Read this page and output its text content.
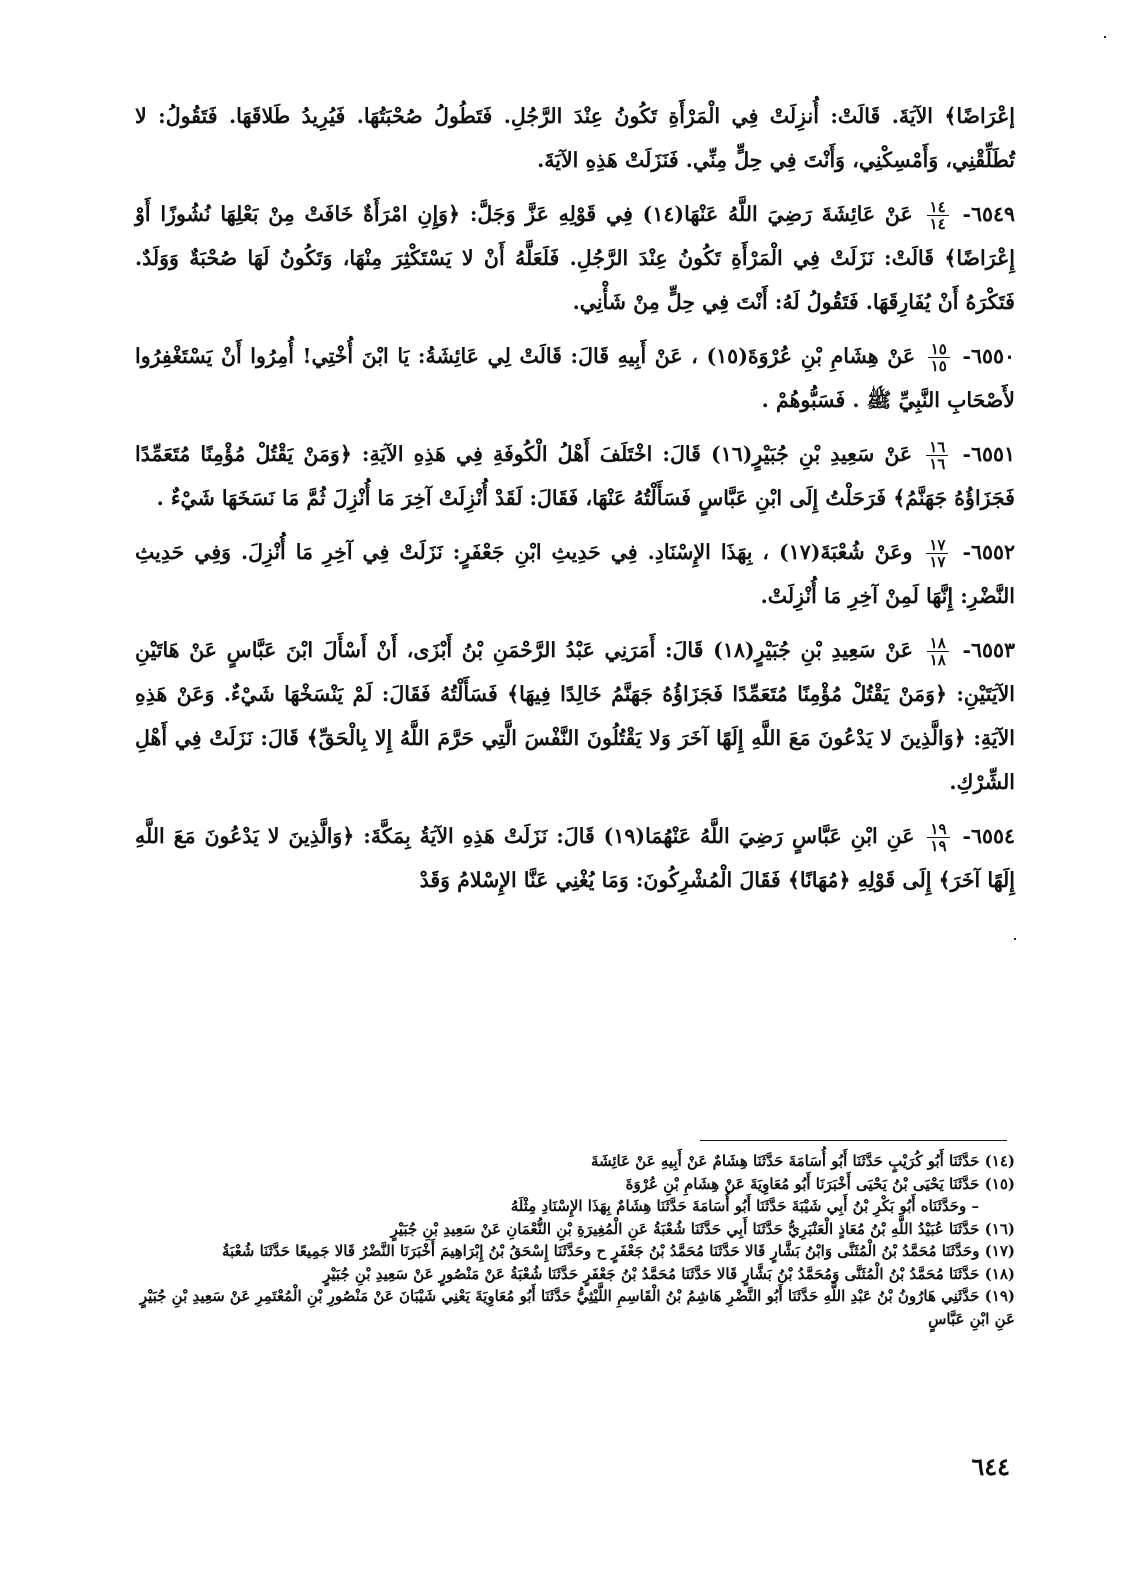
إعْرَاضًا﴾ الآيَةَ. قَالَتْ: أُنزِلَتْ فِي الْمَرْأَةِ تَكُونُ عِنْدَ الرَّجُلِ. فَتَطُولُ صُحْبَتُهَا. فَيُرِيدُ طَلاقَهَا. فَتَقُولُ: لا تُطَلِّقْنِي، وَأَمْسِكْنِي، وَأَنْتَ فِي حِلٍّ مِنِّي. فَنَزَلَتْ هَذِهِ الآيَةَ.

٦٥٤٩-
$\frac{١٤}{١٤}$
عَنْ عَائِشَةَ رَضِيَ اللَّهُ عَنْهَا(١٤) فِي قَوْلِهِ عَزَّ وَجَلَّ: ﴿وَإِنِ امْرَأَةٌ خَافَتْ مِنْ بَعْلِهَا نُشُوزًا أَوْ إِعْرَاضًا﴾ قَالَتْ: نَزَلَتْ فِي الْمَرْأَةِ تَكُونُ عِنْدَ الرَّجُلِ. فَلَعَلَّهُ أَنْ لا يَسْتَكْثِرَ مِنْهَا، وَتَكُونُ لَهَا صُحْبَةٌ وَوَلَدٌ. فَتَكْرَهُ أَنْ يُفَارِقَهَا. فَتَقُولُ لَهُ: أَنْتَ فِي حِلٍّ مِنْ شَأْنِي.

٦٥٥٠-
$\frac{١٥}{١٥}$
عَنْ هِشَامِ بْنِ عُرْوَةَ(١٥) ، عَنْ أَبِيهِ قَالَ: قَالَتْ لِي عَائِشَةُ: يَا ابْنَ أُخْتِي! أُمِرُوا أَنْ يَسْتَغْفِرُوا لأَصْحَابِ النَّبِيِّ ﷺ . فَسَبُّوهُمْ .

٦٥٥١-
$\frac{١٦}{١٦}$
عَنْ سَعِيدِ بْنِ جُبَيْرٍ(١٦) قَالَ: اخْتَلَفَ أَهْلُ الْكُوفَةِ فِي هَذِهِ الآيَةِ: ﴿وَمَنْ يَقْتُلْ مُؤْمِنًا مُتَعَمِّدًا فَجَزَاؤُهُ جَهَنَّمُ﴾ فَرَحَلْتُ إِلَى ابْنِ عَبَّاسٍ فَسَأَلْتُهُ عَنْهَا، فَقَالَ: لَقَدْ أُنْزِلَتْ آخِرَ مَا أُنْزِلَ ثُمَّ مَا نَسَخَهَا شَيْءٌ .

٦٥٥٢-
$\frac{١٧}{١٧}$
وعَنْ شُعْبَةَ(١٧) ، بِهَذَا الإِسْنَادِ. فِي حَدِيثِ ابْنِ جَعْفَرٍ: نَزَلَتْ فِي آخِرِ مَا أُنْزِلَ. وَفِي حَدِيثِ النَّضْرِ: إِنَّهَا لَمِنْ آخِرِ مَا أُنْزِلَتْ.

٦٥٥٣-
$\frac{١٨}{١٨}$
عَنْ سَعِيدِ بْنِ جُبَيْرٍ(١٨) قَالَ: أَمَرَنِي عَبْدُ الرَّحْمَنِ بْنُ أَبْزَى، أَنْ أَسْأَلَ ابْنَ عَبَّاسٍ عَنْ هَاتَيْنِ الآيَتَيْنِ: ﴿وَمَنْ يَقْتُلْ مُؤْمِنًا مُتَعَمِّدًا فَجَزَاؤُهُ جَهَنَّمُ خَالِدًا فِيهَا﴾ فَسَأَلْتُهُ فَقَالَ: لَمْ يَنْسَخْهَا شَيْءٌ. وَعَنْ هَذِهِ الآيَةِ: ﴿وَالَّذِينَ لا يَدْعُونَ مَعَ اللَّهِ إِلَهًا آخَرَ وَلا يَقْتُلُونَ النَّفْسَ الَّتِي حَرَّمَ اللَّهُ إِلا بِالْحَقِّ﴾ قَالَ: نَزَلَتْ فِي أَهْلِ الشِّرْكِ.

٦٥٥٤-
$\frac{١٩}{١٩}$
عَنِ ابْنِ عَبَّاسٍ رَضِيَ اللَّهُ عَنْهُمَا(١٩) قَالَ: نَزَلَتْ هَذِهِ الآيَةُ بِمَكَّةَ: ﴿وَالَّذِينَ لا يَدْعُونَ مَعَ اللَّهِ إِلَهًا آخَرَ﴾ إِلَى قَوْلِهِ ﴿مُهَانًا﴾ فَقَالَ الْمُشْرِكُونَ: وَمَا يُغْنِي عَنَّا الإِسْلامُ وَقَدْ

(١٤) حَدَّثَنَا أَبُو كُرَيْبٍ حَدَّثَنَا أَبُو أُسَامَةَ حَدَّثَنَا هِشَامٌ عَنْ أَبِيهِ عَنْ عَائِشَةَ

(١٥) حَدَّثَنَا يَحْيَى بْنُ يَحْيَى أَخْبَرَنَا أَبُو مُعَاوِيَةَ عَنْ هِشَامِ بْنِ عُرْوَةَ

– وحَدَّثَنَاه أَبُو بَكْرِ بْنُ أَبِي شَيْبَةَ حَدَّثَنَا أَبُو أُسَامَةَ حَدَّثَنَا هِشَامٌ بِهَذَا الإِسْنَادِ مِثْلَهُ

(١٦) حَدَّثَنَا عُبَيْدُ اللَّهِ بْنُ مُعَاذٍ الْعَنْبَرِيُّ حَدَّثَنَا أَبِي حَدَّثَنَا شُعْبَةُ عَنِ الْمُغِيرَةِ بْنِ النُّعْمَانِ عَنْ سَعِيدِ بْنِ جُبَيْرٍ

(١٧) وحَدَّثَنَا مُحَمَّدُ بْنُ الْمُثَنَّى وَابْنُ بَشَّارٍ قَالا حَدَّثَنَا مُحَمَّدُ بْنُ جَعْفَرٍ ح وحَدَّثَنَا إِسْحَقُ بْنُ إِبْرَاهِيمَ أَخْبَرَنَا النَّضْرُ قَالا جَمِيعًا حَدَّثَنَا شُعْبَةُ

(١٨) حَدَّثَنَا مُحَمَّدُ بْنُ الْمُثَنَّى وَمُحَمَّدُ بْنُ بَشَّارٍ قَالا حَدَّثَنَا مُحَمَّدُ بْنُ جَعْفَرٍ حَدَّثَنَا شُعْبَةُ عَنْ مَنْصُورٍ عَنْ سَعِيدِ بْنِ جُبَيْرٍ

(١٩) حَدَّثَنِي هَارُونُ بْنُ عَبْدِ اللَّهِ حَدَّثَنَا أَبُو النَّضْرِ هَاشِمُ بْنُ الْقَاسِمِ اللَّيْثِيُّ حَدَّثَنَا أَبُو مُعَاوِيَةَ يَعْنِي شَيْبَانَ عَنْ مَنْصُورِ بْنِ الْمُعْتَمِرِ عَنْ سَعِيدِ بْنِ جُبَيْرٍ عَنِ ابْنِ عَبَّاسٍ

٦٤٤
